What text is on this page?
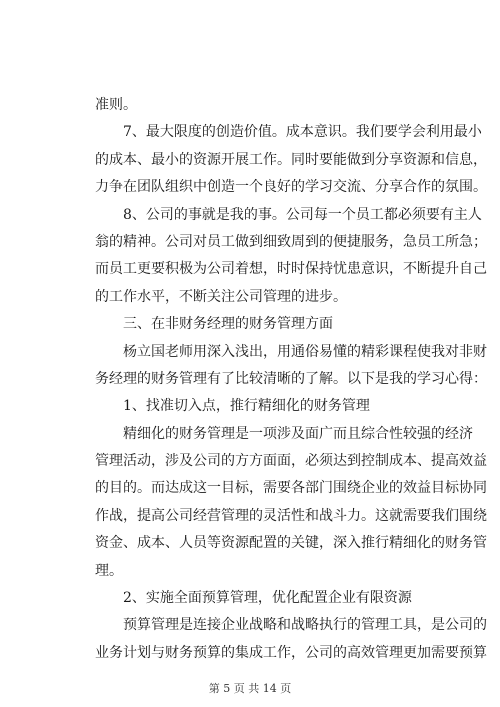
准则。
7、最大限度的创造价值。成本意识。我们要学会利用最小
的成本、最小的资源开展工作。同时要能做到分享资源和信息，
力争在团队组织中创造一个良好的学习交流、分享合作的氛围。
8、公司的事就是我的事。公司每一个员工都必须要有主人
翁的精神。公司对员工做到细致周到的便捷服务，急员工所急；
而员工更要积极为公司着想，时时保持忧患意识，不断提升自己
的工作水平，不断关注公司管理的进步。
三、在非财务经理的财务管理方面
杨立国老师用深入浅出，用通俗易懂的精彩课程使我对非财
务经理的财务管理有了比较清晰的了解。以下是我的学习心得：
1、找准切入点，推行精细化的财务管理
精细化的财务管理是一项涉及面广而且综合性较强的经济
管理活动，涉及公司的方方面面，必须达到控制成本、提高效益
的目的。而达成这一目标，需要各部门围绕企业的效益目标协同
作战，提高公司经营管理的灵活性和战斗力。这就需要我们围绕
资金、成本、人员等资源配置的关键，深入推行精细化的财务管
理。
2、实施全面预算管理，优化配置企业有限资源
预算管理是连接企业战略和战略执行的管理工具，是公司的
业务计划与财务预算的集成工作，公司的高效管理更加需要预算
第 5 页 共 14 页
